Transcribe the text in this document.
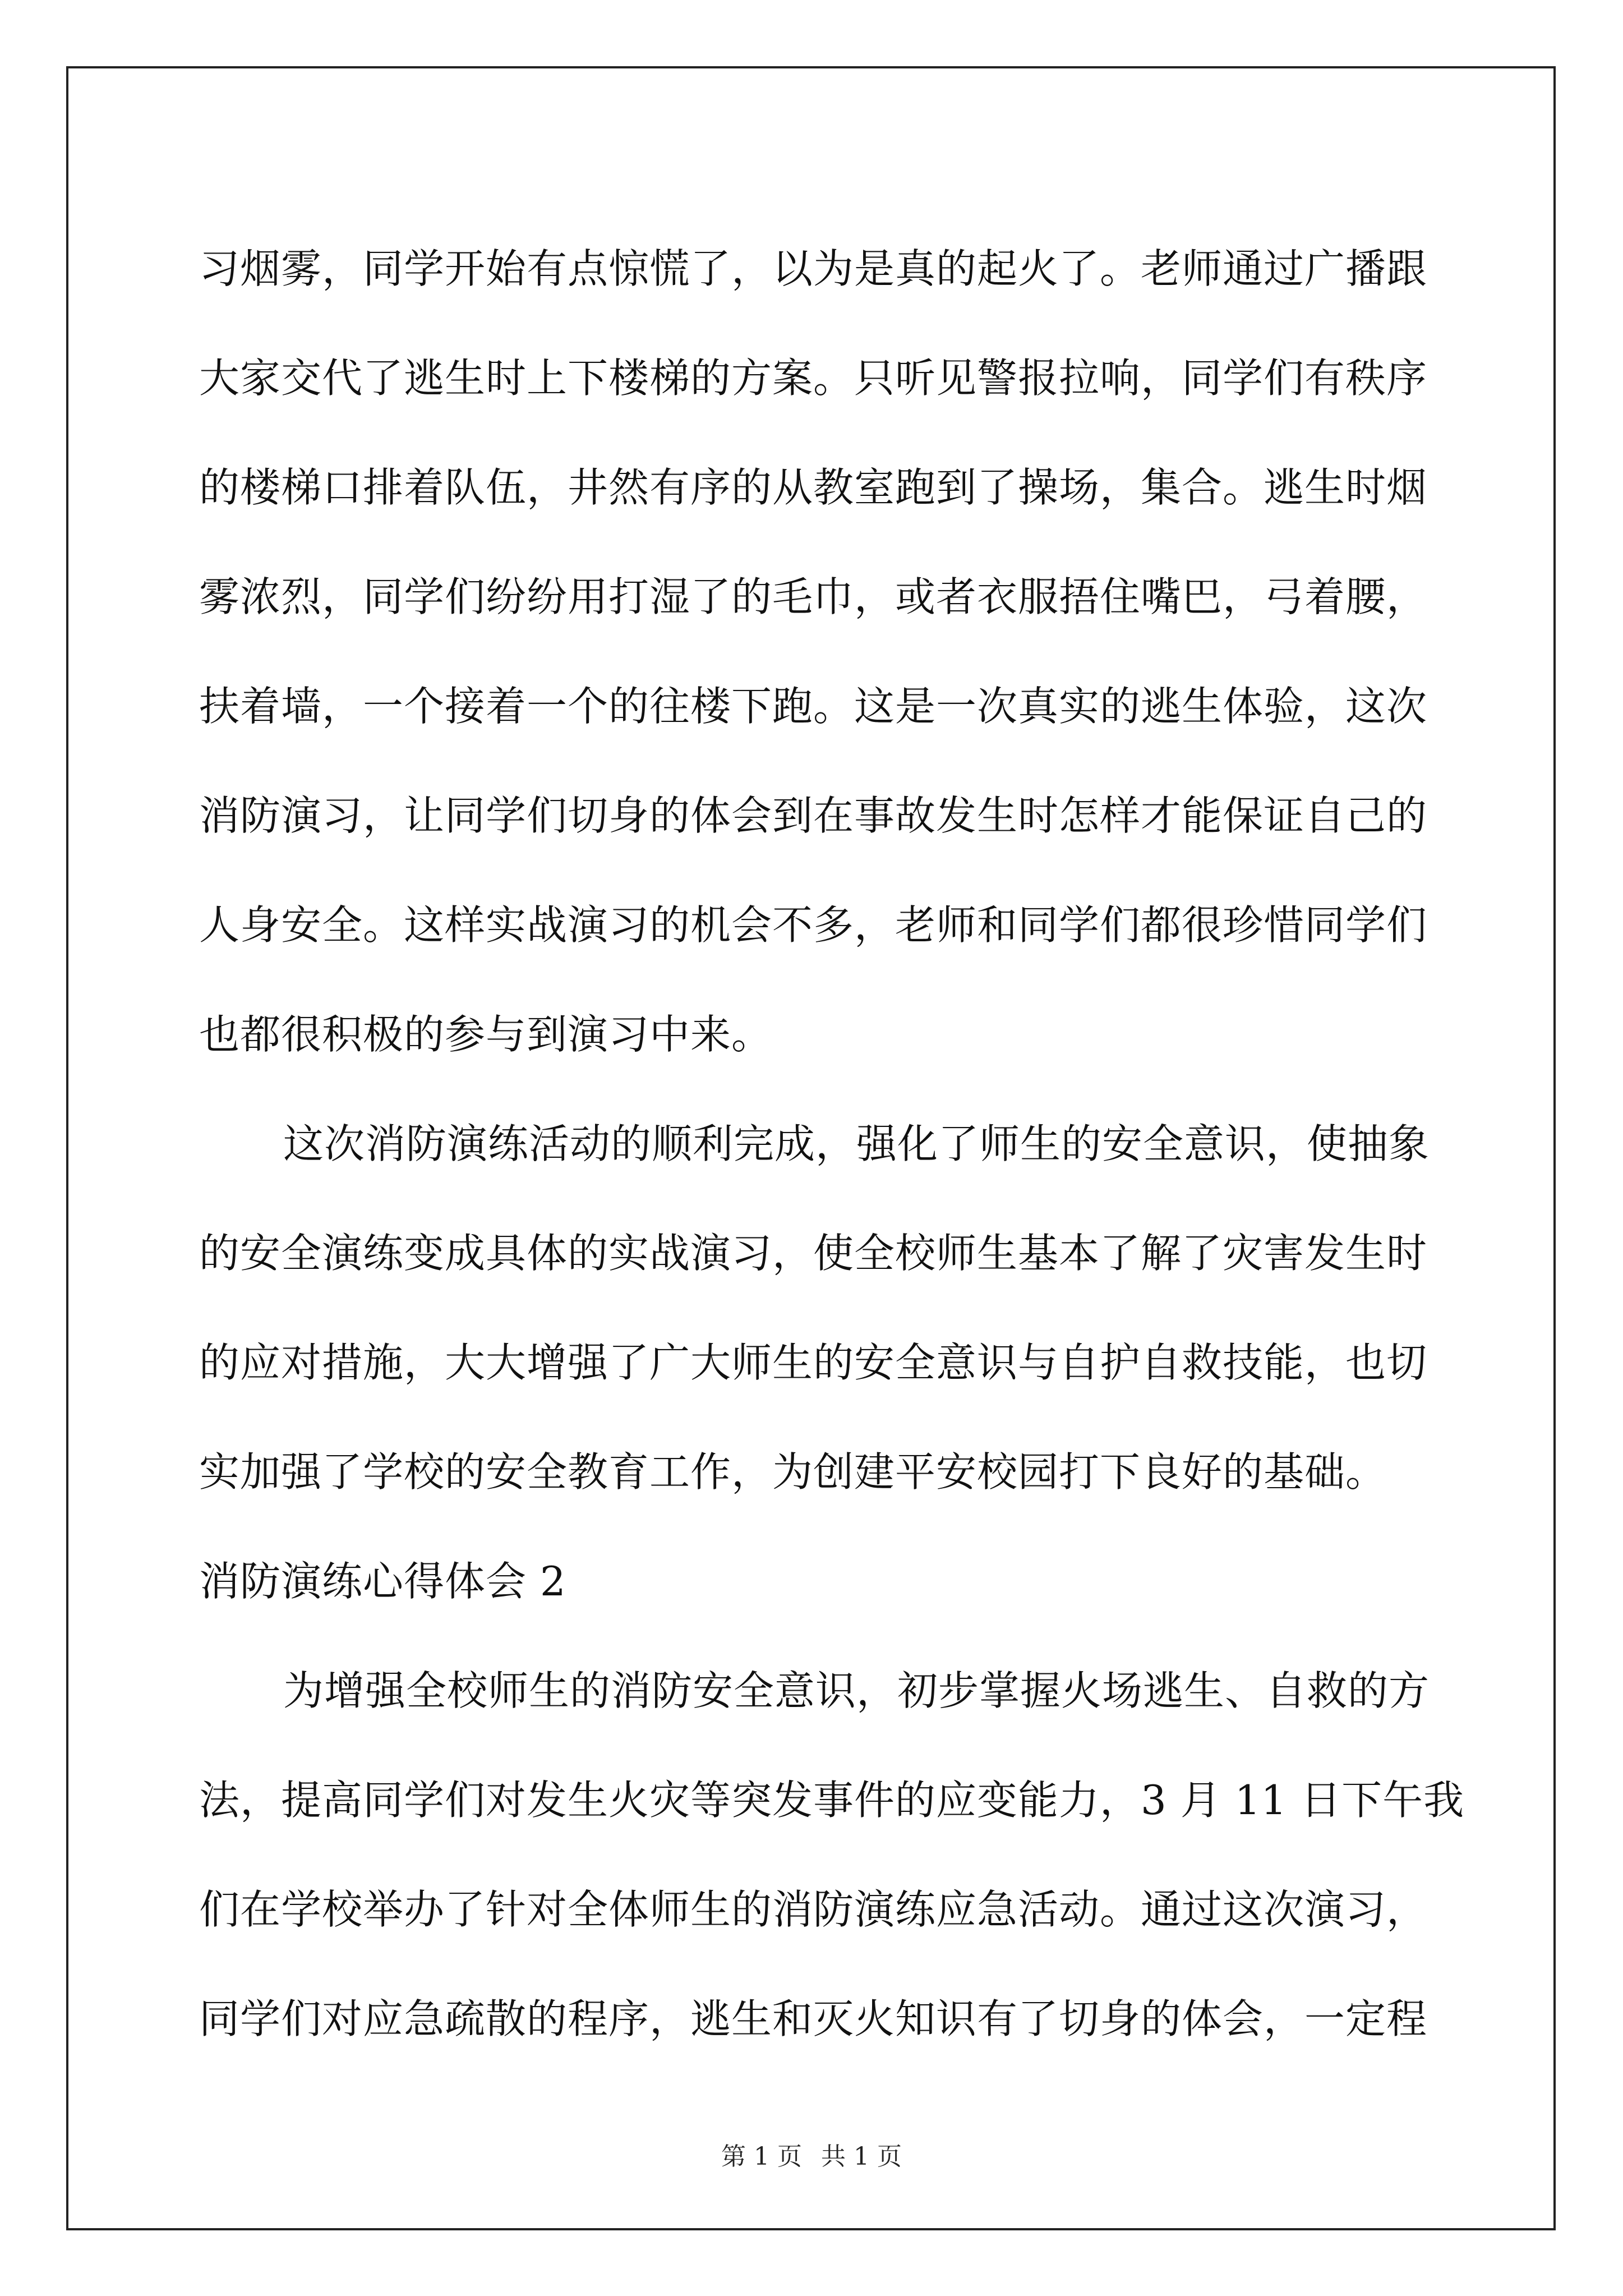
习烟雾，同学开始有点惊慌了，以为是真的起火了。老师通过广播跟
大家交代了逃生时上下楼梯的方案。只听见警报拉响，同学们有秩序
的楼梯口排着队伍，井然有序的从教室跑到了操场，集合。逃生时烟
雾浓烈，同学们纷纷用打湿了的毛巾，或者衣服捂住嘴巴，弓着腰，
扶着墙，一个接着一个的往楼下跑。这是一次真实的逃生体验，这次
消防演习，让同学们切身的体会到在事故发生时怎样才能保证自己的
人身安全。这样实战演习的机会不多，老师和同学们都很珍惜同学们
也都很积极的参与到演习中来。
这次消防演练活动的顺利完成，强化了师生的安全意识，使抽象
的安全演练变成具体的实战演习，使全校师生基本了解了灾害发生时
的应对措施，大大增强了广大师生的安全意识与自护自救技能，也切
实加强了学校的安全教育工作，为创建平安校园打下良好的基础。
消防演练心得体会 2
为增强全校师生的消防安全意识，初步掌握火场逃生、自救的方
法，提高同学们对发生火灾等突发事件的应变能力，3 月 11 日下午我
们在学校举办了针对全体师生的消防演练应急活动。通过这次演习，
同学们对应急疏散的程序，逃生和灭火知识有了切身的体会，一定程
第 1 页 共 1 页
